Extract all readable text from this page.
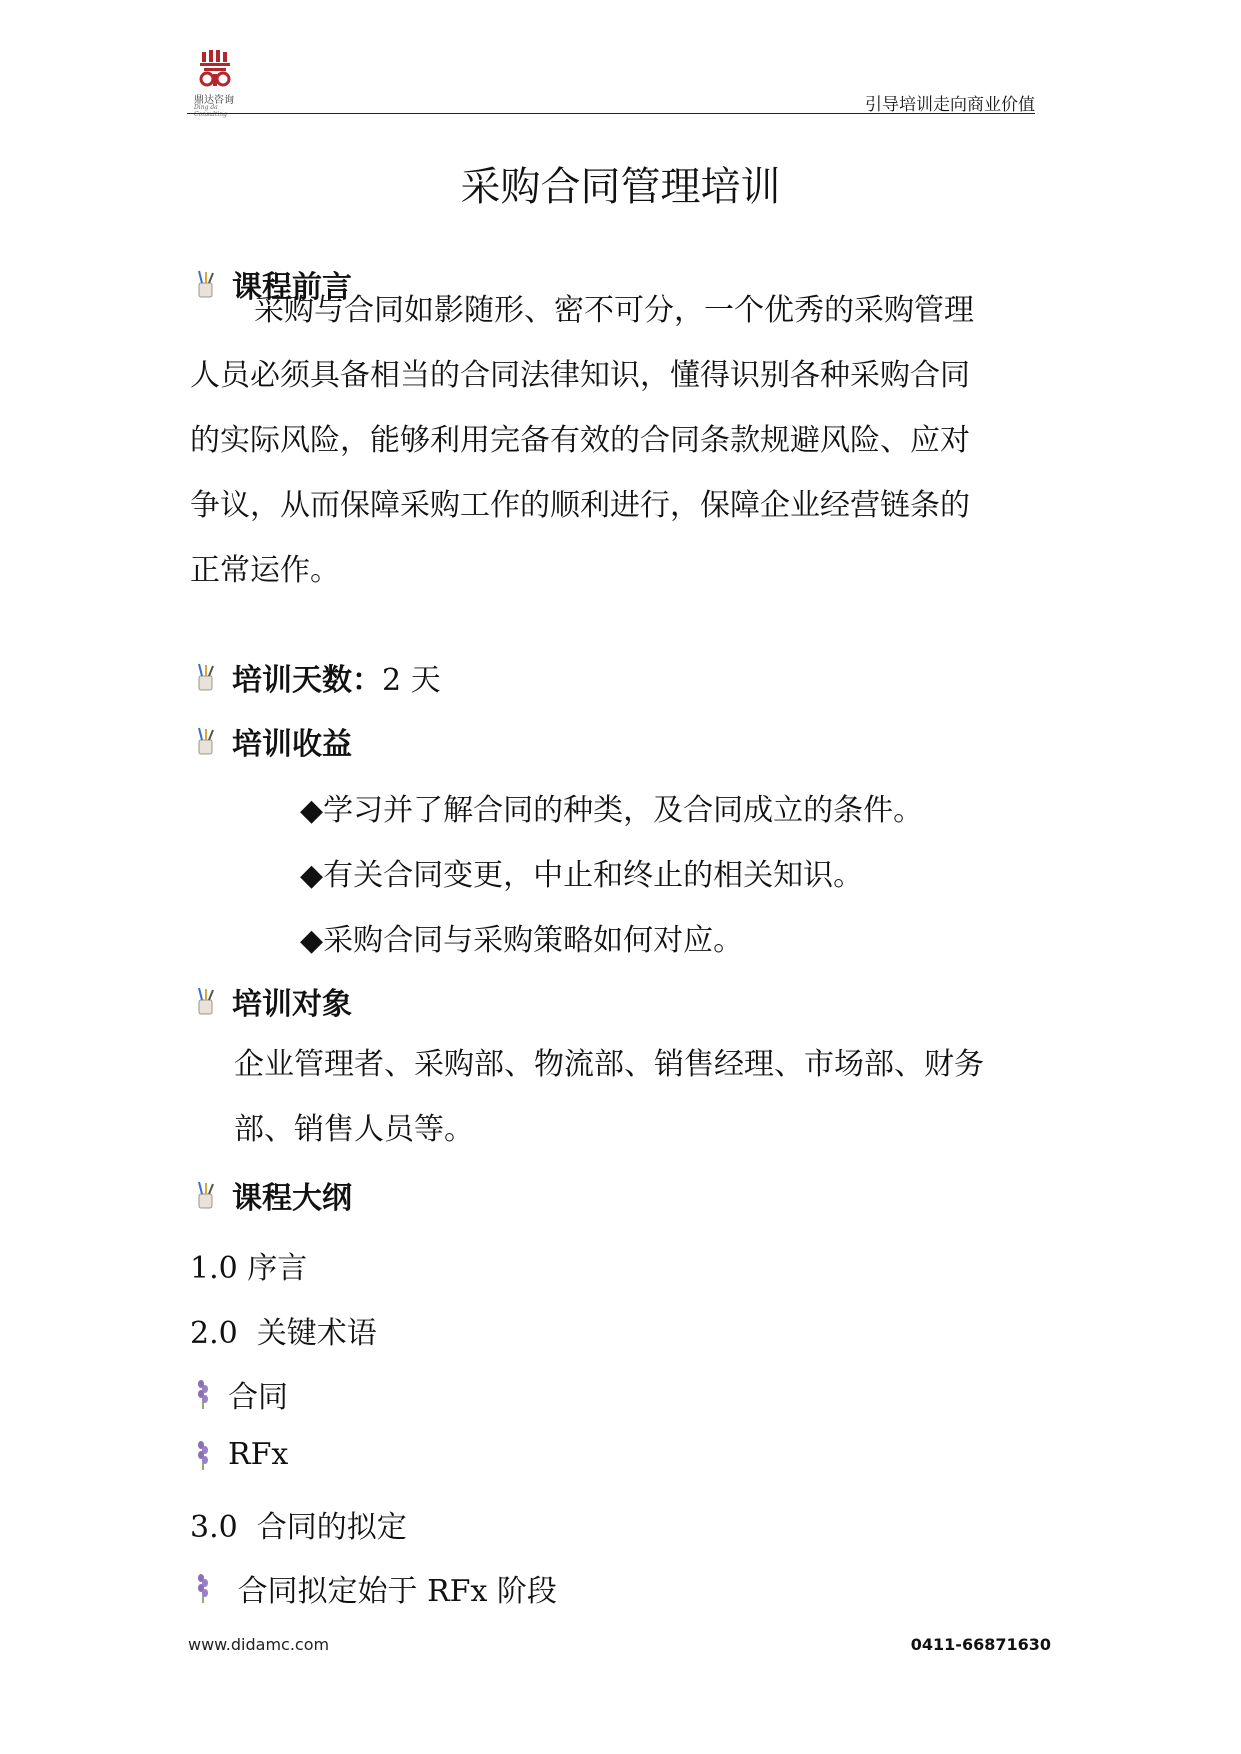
鼎达咨询
Ding da Consulting	引导培训走向商业价值
采购合同管理培训
课程前言
采购与合同如影随形、密不可分，一个优秀的采购管理
人员必须具备相当的合同法律知识，懂得识别各种采购合同
的实际风险，能够利用完备有效的合同条款规避风险、应对
争议，从而保障采购工作的顺利进行，保障企业经营链条的
正常运作。
培训天数： 2 天
培训收益
◆学习并了解合同的种类，及合同成立的条件。
◆有关合同变更，中止和终止的相关知识。
◆采购合同与采购策略如何对应。
培训对象
企业管理者、采购部、物流部、销售经理、市场部、财务
部、销售人员等。
课程大纲
1.0 序言
2.0  关键术语
合同
RFx
3.0  合同的拟定
合同拟定始于 RFx 阶段
www.didamc.com	0411-66871630
